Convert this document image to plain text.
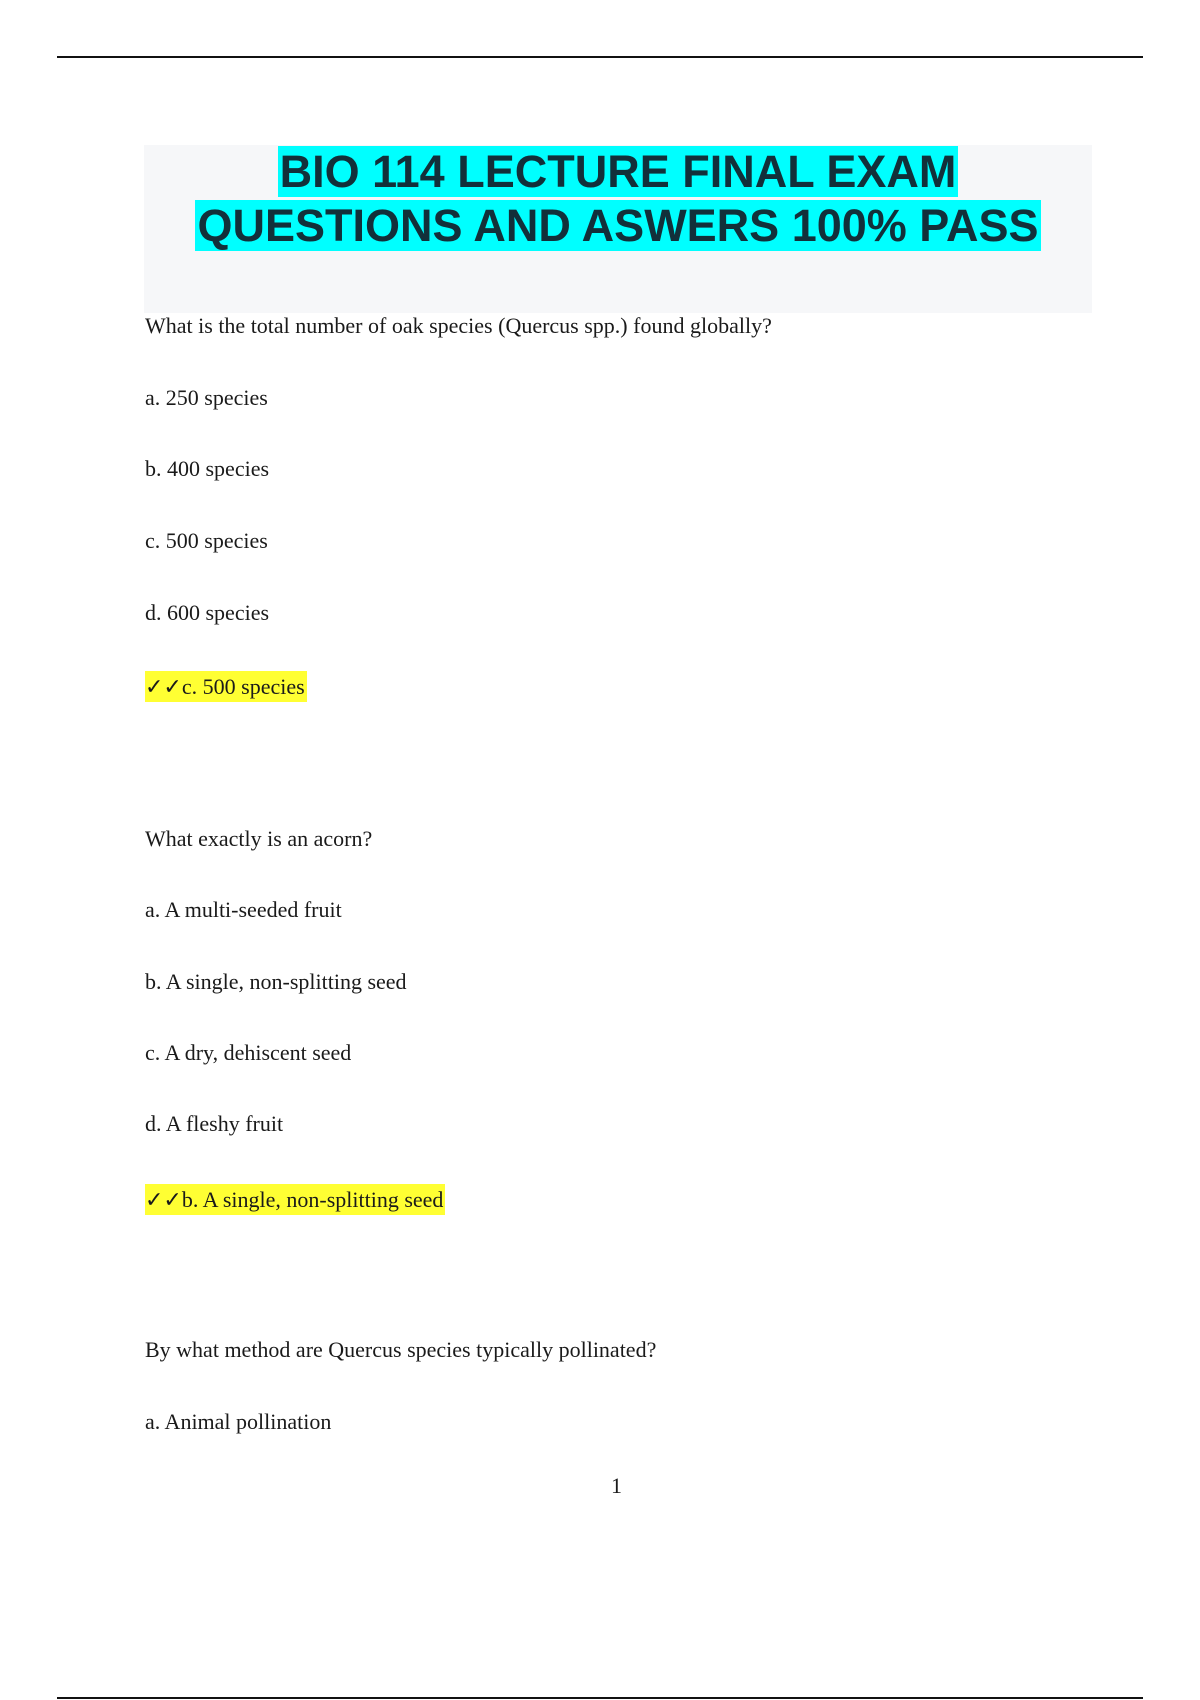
BIO 114 LECTURE FINAL EXAM
QUESTIONS AND ASWERS 100% PASS
What is the total number of oak species (Quercus spp.) found globally?
a. 250 species
b. 400 species
c. 500 species
d. 600 species
✓✓c. 500 species
What exactly is an acorn?
a. A multi-seeded fruit
b. A single, non-splitting seed
c. A dry, dehiscent seed
d. A fleshy fruit
✓✓b. A single, non-splitting seed
By what method are Quercus species typically pollinated?
a. Animal pollination
1
